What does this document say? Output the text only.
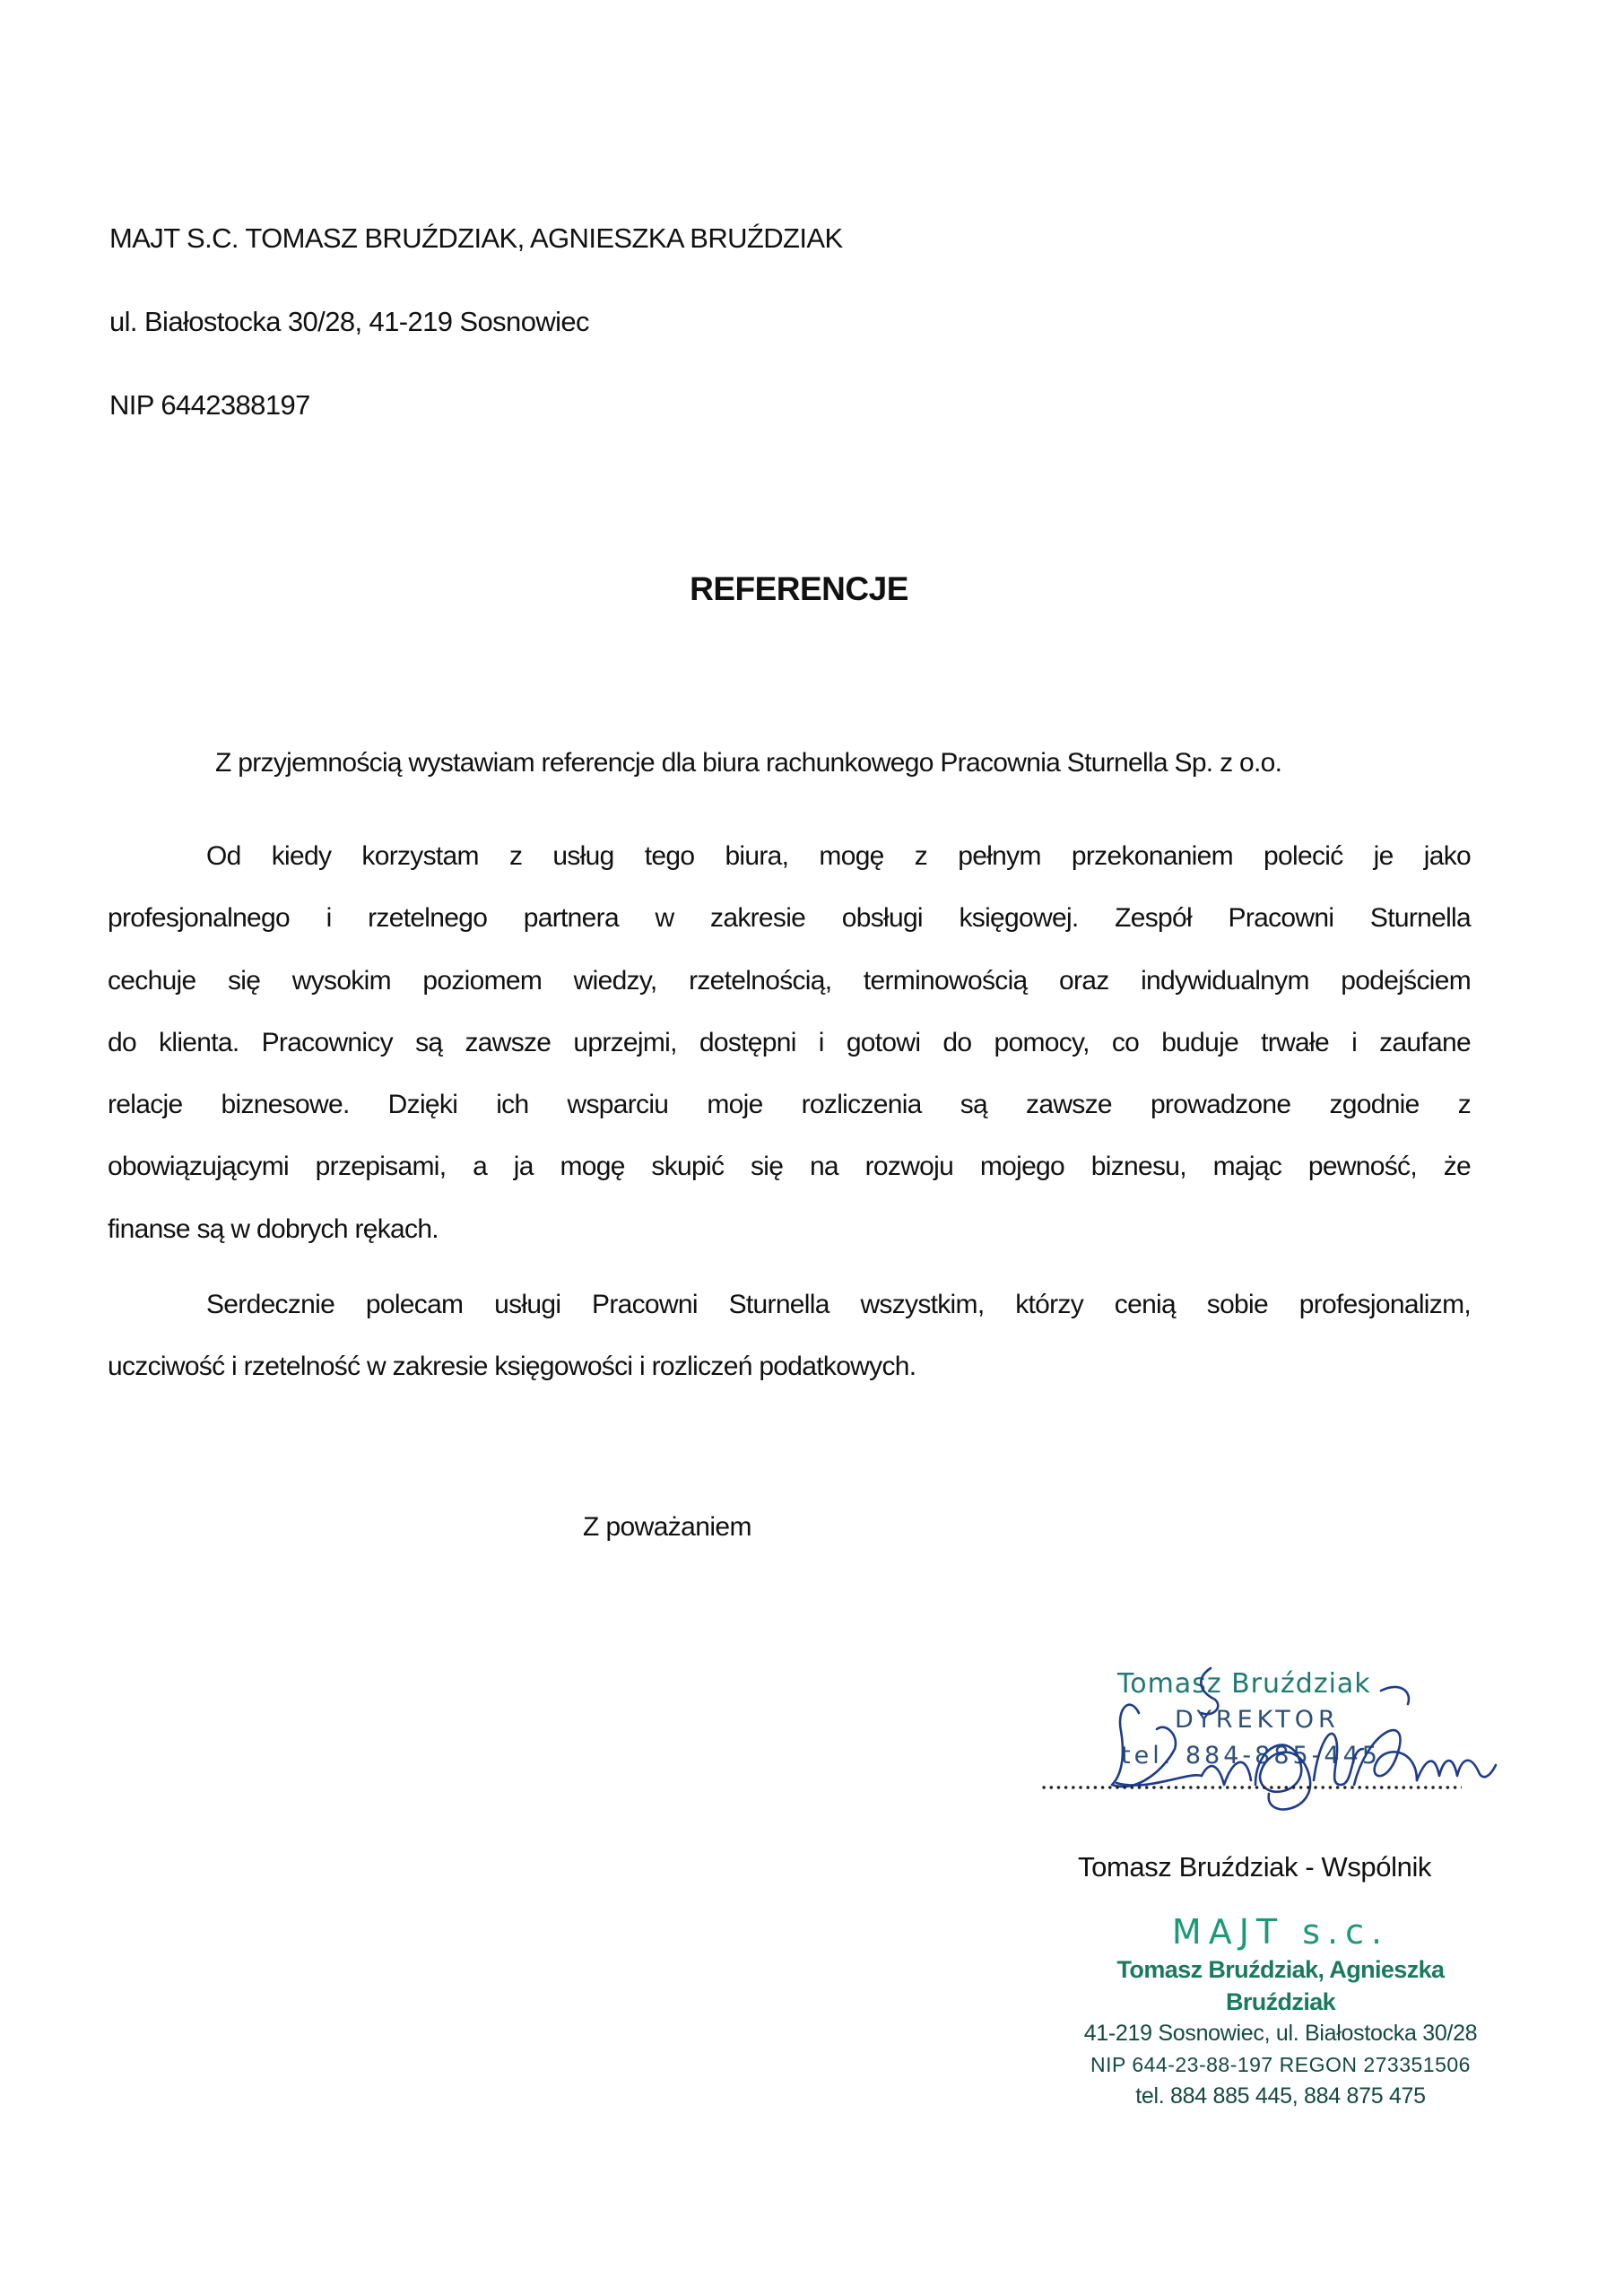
MAJT S.C. TOMASZ BRUŹDZIAK, AGNIESZKA BRUŹDZIAK
ul. Białostocka 30/28, 41-219 Sosnowiec
NIP 6442388197
REFERENCJE
Z przyjemnością wystawiam referencje dla biura rachunkowego Pracownia Sturnella Sp. z o.o.
Od kiedy korzystam z usług tego biura, mogę z pełnym przekonaniem polecić je jako
profesjonalnego i rzetelnego partnera w zakresie obsługi księgowej. Zespół Pracowni Sturnella
cechuje się wysokim poziomem wiedzy, rzetelnością, terminowością oraz indywidualnym podejściem
do klienta. Pracownicy są zawsze uprzejmi, dostępni i gotowi do pomocy, co buduje trwałe i zaufane
relacje biznesowe. Dzięki ich wsparciu moje rozliczenia są zawsze prowadzone zgodnie z
obowiązującymi przepisami, a ja mogę skupić się na rozwoju mojego biznesu, mając pewność, że
finanse są w dobrych rękach.
Serdecznie polecam usługi Pracowni Sturnella wszystkim, którzy cenią sobie profesjonalizm,
uczciwość i rzetelność w zakresie księgowości i rozliczeń podatkowych.
Z poważaniem
Tomasz Bruździak
DYREKTOR
tel. 884-885-445
Tomasz Bruździak - Wspólnik
MAJT s.c.
Tomasz Bruździak, Agnieszka Bruździak
41-219 Sosnowiec, ul. Białostocka 30/28
NIP 644-23-88-197 REGON 273351506
tel. 884 885 445, 884 875 475
